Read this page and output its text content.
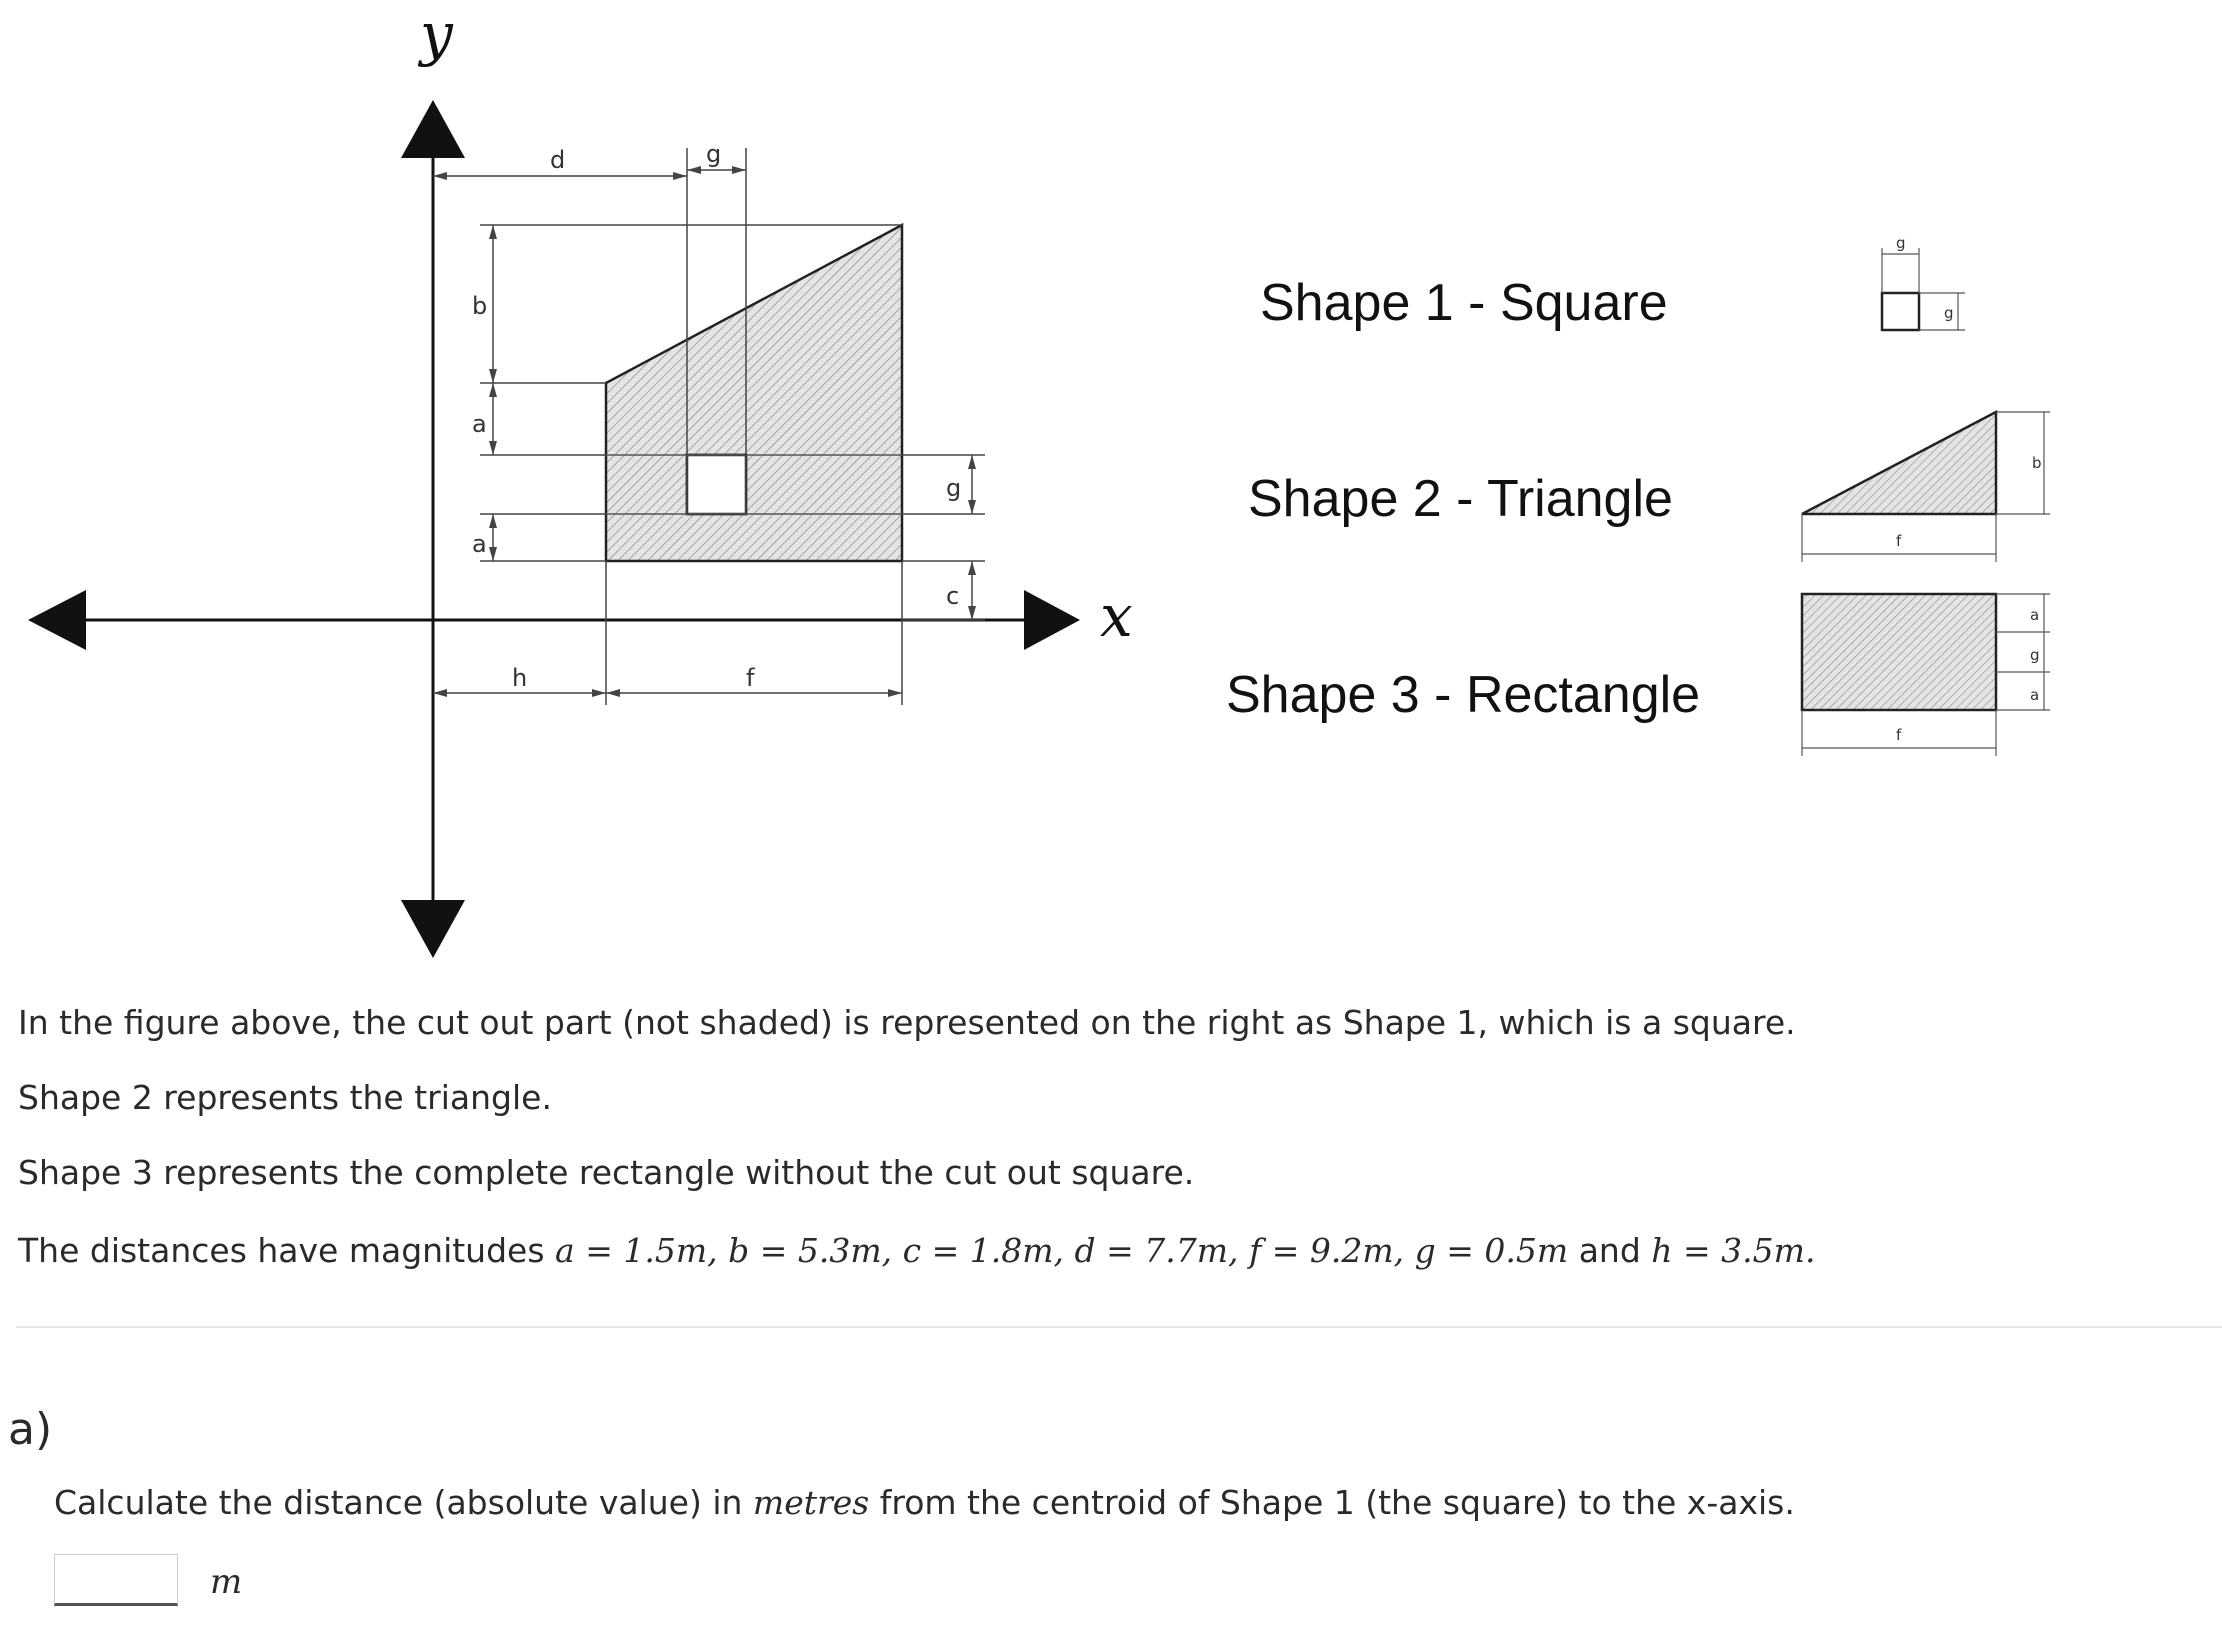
x
y
d	g
b
a
a
g
c
h	f
Shape 1 - Square
Shape 2 - Triangle
Shape 3 - Rectangle
g
g
b
f
a
g
a
f
In the figure above, the cut out part (not shaded) is represented on the right as Shape 1, which is a square.
Shape 2 represents the triangle.
Shape 3 represents the complete rectangle without the cut out square.
The distances have magnitudes a = 1.5m, b = 5.3m, c = 1.8m, d = 7.7m, f = 9.2m, g = 0.5m and h = 3.5m.
a)
Calculate the distance (absolute value) in metres from the centroid of Shape 1 (the square) to the x-axis.
m
